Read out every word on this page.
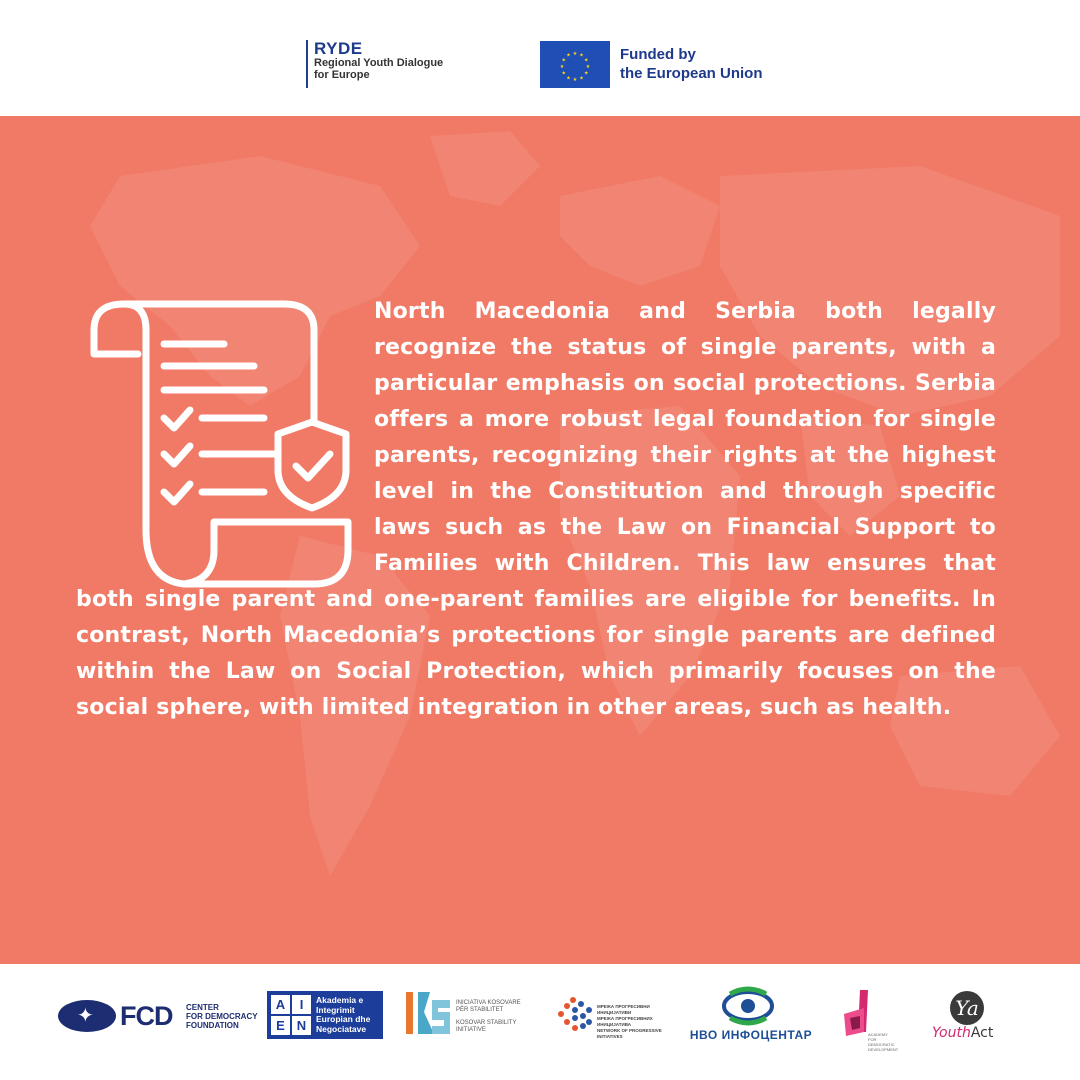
RYDE
Regional Youth Dialogue
for Europe
★ ★
★
★
★
★
★
★
★
★
★
★	Funded by
the European Union
North Macedonia and Serbia both legally recognize the status of single parents, with a particular emphasis on social protections. Serbia offers a more robust legal foundation for single parents, recognizing their rights at the highest level in the Constitution and through specific laws such as the Law on Financial Support to Families with Children. This law ensures that both single parent and one-parent families are eligible for benefits. In contrast, North Macedonia’s protections for single parents are defined within the Law on Social Protection, which primarily focuses on the social sphere, with limited integration in other areas, such as health.
✦
FCD CENTER
FOR DEMOCRACY
FOUNDATION
A	I
E N
Akademia e
Integrimit
Europian dhe
Negociatave
INICIATIVA KOSOVARE
PËR STABILITET
KOSOVAR STABILITY
INITIATIVE
МРЕЖА ПРОГРЕСИВНИ ИНИЦИЈАТИВИ
МРЕЖА ПРОГРЕСИВНИХ ИНИЦИЈАТИВА
NETWORK OF PROGRESSIVE INITIATIVES	НВО ИНФОЦЕНТАР	ACADEMY
FOR
DEMOCRATIC
DEVELOPMENT
Ya
YouthAct
